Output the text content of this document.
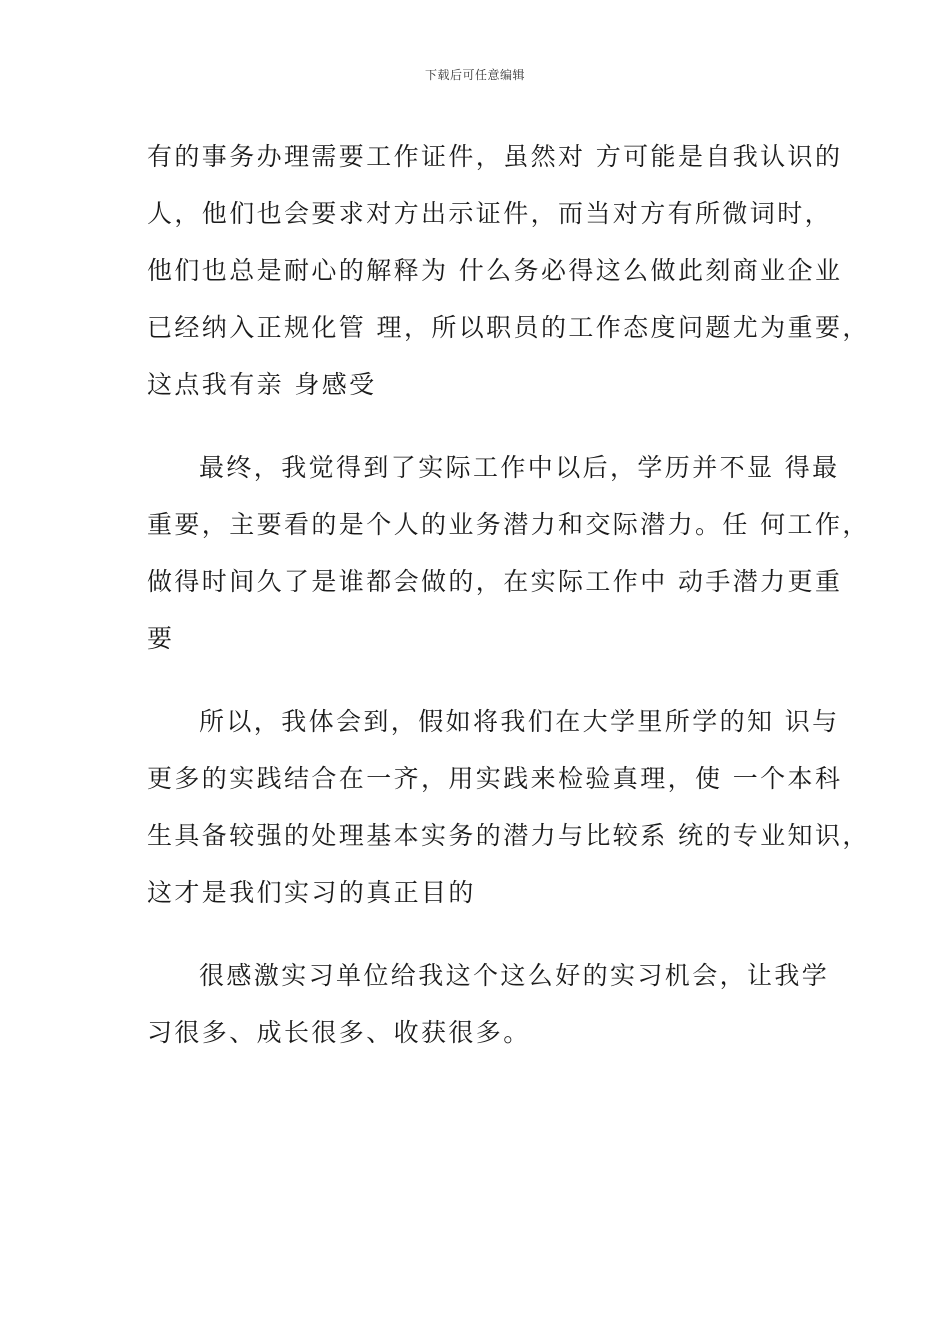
下载后可任意编辑
有的事务办理需要工作证件，虽然对 方可能是自我认识的
人，他们也会要求对方出示证件，而当对方有所微词时，
他们也总是耐心的解释为 什么务必得这么做此刻商业企业
已经纳入正规化管 理，所以职员的工作态度问题尤为重要，
这点我有亲 身感受
最终，我觉得到了实际工作中以后，学历并不显 得最
重要，主要看的是个人的业务潜力和交际潜力。任 何工作，
做得时间久了是谁都会做的，在实际工作中 动手潜力更重
要
所以，我体会到，假如将我们在大学里所学的知 识与
更多的实践结合在一齐，用实践来检验真理，使 一个本科
生具备较强的处理基本实务的潜力与比较系 统的专业知识，
这才是我们实习的真正目的
很感激实习单位给我这个这么好的实习机会，让我学
习很多、成长很多、收获很多。
